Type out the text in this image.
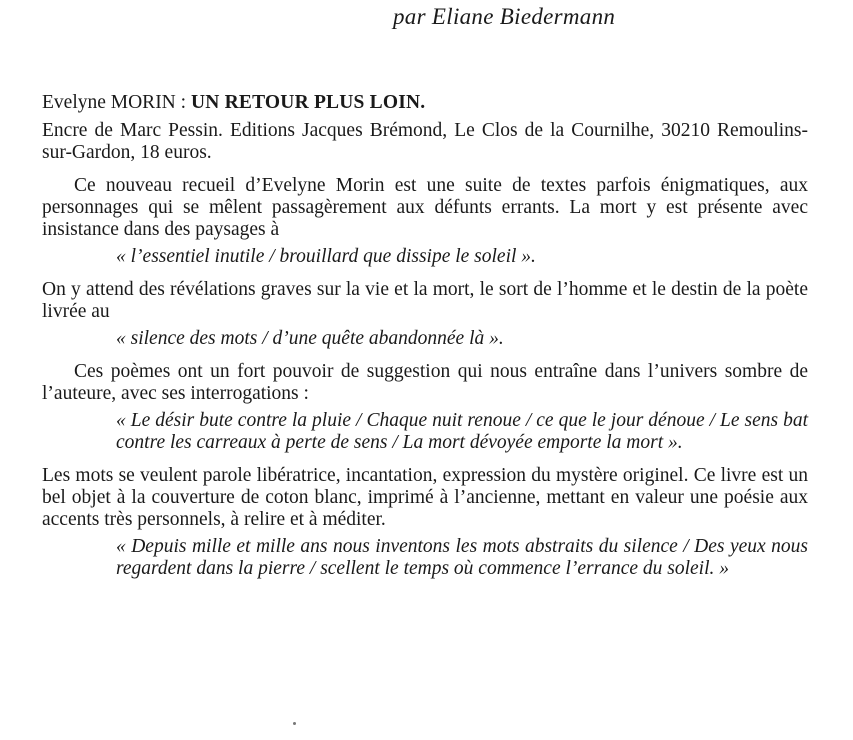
par Eliane Biedermann

Evelyne MORIN : UN RETOUR PLUS LOIN.

Encre de Marc Pessin. Editions Jacques Brémond, Le Clos de la Cournilhe, 30210 Remoulins-sur-Gardon, 18 euros.

Ce nouveau recueil d’Evelyne Morin est une suite de textes parfois énigmatiques, aux personnages qui se mêlent passagèrement aux défunts errants. La mort y est présente avec insistance dans des paysages à

« l’essentiel inutile / brouillard que dissipe le soleil ».

On y attend des révélations graves sur la vie et la mort, le sort de l’homme et le destin de la poète livrée au

« silence des mots / d’une quête abandonnée là ».

Ces poèmes ont un fort pouvoir de suggestion qui nous entraîne dans l’univers sombre de l’auteure, avec ses interrogations :

« Le désir bute contre la pluie / Chaque nuit renoue / ce que le jour dénoue / Le sens bat contre les carreaux à perte de sens / La mort dévoyée emporte la mort ».

Les mots se veulent parole libératrice, incantation, expression du mystère originel. Ce livre est un bel objet à la couverture de coton blanc, imprimé à l’ancienne, mettant en valeur une poésie aux accents très personnels, à relire et à méditer.

« Depuis mille et mille ans nous inventons les mots abstraits du silence / Des yeux nous regardent dans la pierre / scellent le temps où commence l’errance du soleil. »
